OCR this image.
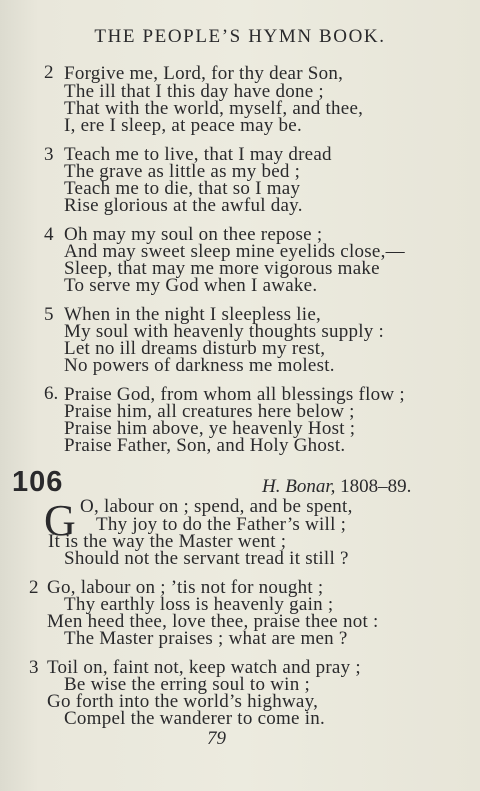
THE PEOPLE’S HYMN BOOK.
2 Forgive me, Lord, for thy dear Son,
The ill that I this day have done ;
That with the world, myself, and thee,
I, ere I sleep, at peace may be.
3 Teach me to live, that I may dread
The grave as little as my bed ;
Teach me to die, that so I may
Rise glorious at the awful day.
4 Oh may my soul on thee repose ;
And may sweet sleep mine eyelids close,—
Sleep, that may me more vigorous make
To serve my God when I awake.
5 When in the night I sleepless lie,
My soul with heavenly thoughts supply :
Let no ill dreams disturb my rest,
No powers of darkness me molest.
6. Praise God, from whom all blessings flow ;
Praise him, all creatures here below ;
Praise him above, ye heavenly Host ;
Praise Father, Son, and Holy Ghost.
106	H. Bonar, 1808–89.
G O, labour on ; spend, and be spent,
Thy joy to do the Father’s will ;
It is the way the Master went ;
Should not the servant tread it still ?
2 Go, labour on ; ’tis not for nought ;
Thy earthly loss is heavenly gain ;
Men heed thee, love thee, praise thee not :
The Master praises ; what are men ?
3 Toil on, faint not, keep watch and pray ;
Be wise the erring soul to win ;
Go forth into the world’s highway,
Compel the wanderer to come in.
79
